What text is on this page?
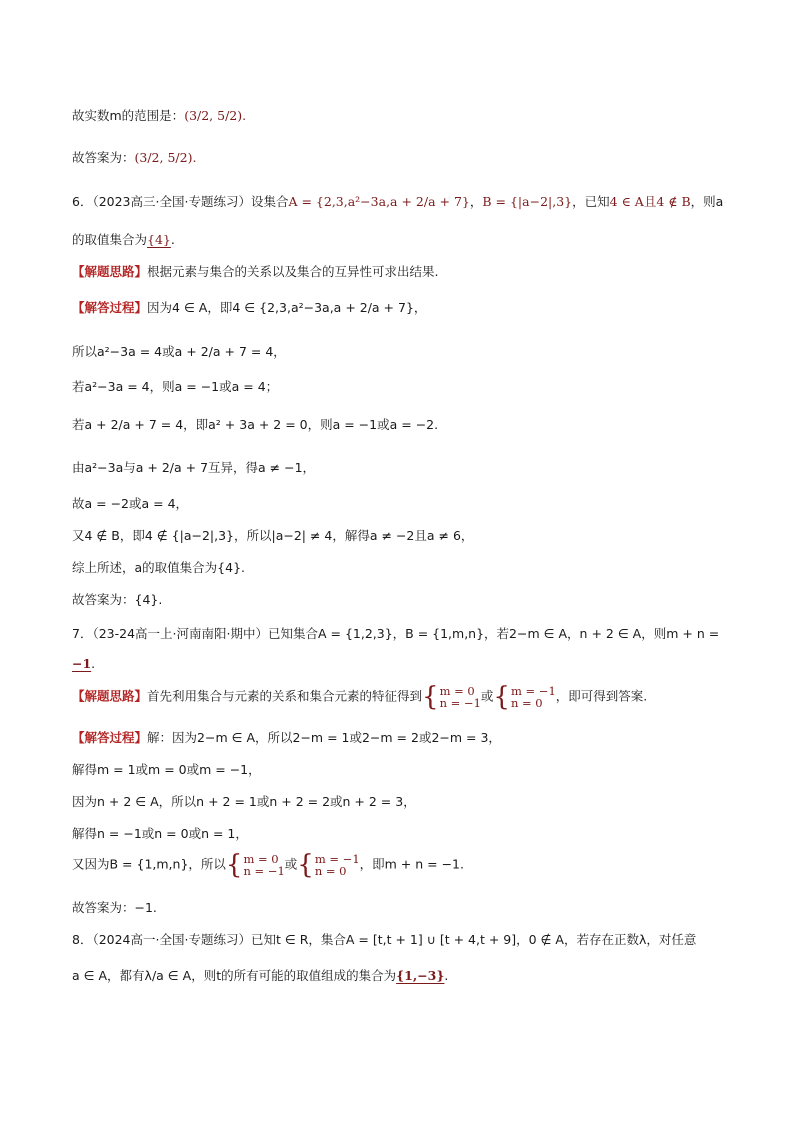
故实数m的范围是：(3/2, 5/2).
故答案为：(3/2, 5/2).
6．（2023高三·全国·专题练习）设集合A = {2,3,a²−3a,a + 2/a + 7}，B = {|a−2|,3}，已知4 ∈ A且4 ∉ B，则a
的取值集合为{4}.
【解题思路】根据元素与集合的关系以及集合的互异性可求出结果.
【解答过程】因为4 ∈ A，即4 ∈ {2,3,a²−3a,a + 2/a + 7}，
所以a²−3a = 4或a + 2/a + 7 = 4，
若a²−3a = 4，则a = −1或a = 4；
若a + 2/a + 7 = 4，即a² + 3a + 2 = 0，则a = −1或a = −2.
由a²−3a与a + 2/a + 7互异，得a ≠ −1，
故a = −2或a = 4，
又4 ∉ B，即4 ∉ {|a−2|,3}，所以|a−2| ≠ 4，解得a ≠ −2且a ≠ 6，
综上所述，a的取值集合为{4}.
故答案为：{4}.
7．（23-24高一上·河南南阳·期中）已知集合A = {1,2,3}，B = {1,m,n}，若2−m ∈ A，n + 2 ∈ A，则m + n =
−1.
【解题思路】首先利用集合与元素的关系和集合元素的特征得到 { m = 0
n = −1 或 { m = −1
n = 0	，即可得到答案.
【解答过程】解：因为2−m ∈ A，所以2−m = 1或2−m = 2或2−m = 3，
解得m = 1或m = 0或m = −1，
因为n + 2 ∈ A，所以n + 2 = 1或n + 2 = 2或n + 2 = 3，
解得n = −1或n = 0或n = 1，
又因为B = {1,m,n}，所以 { m = 0
n = −1 或 { m = −1
n = 0	，即m + n = −1.
故答案为：−1.
8．（2024高一·全国·专题练习）已知t ∈ R，集合A = [t,t + 1] ∪ [t + 4,t + 9]，0 ∉ A，若存在正数λ，对任意
a ∈ A，都有λ/a ∈ A，则t的所有可能的取值组成的集合为{1,−3}.
